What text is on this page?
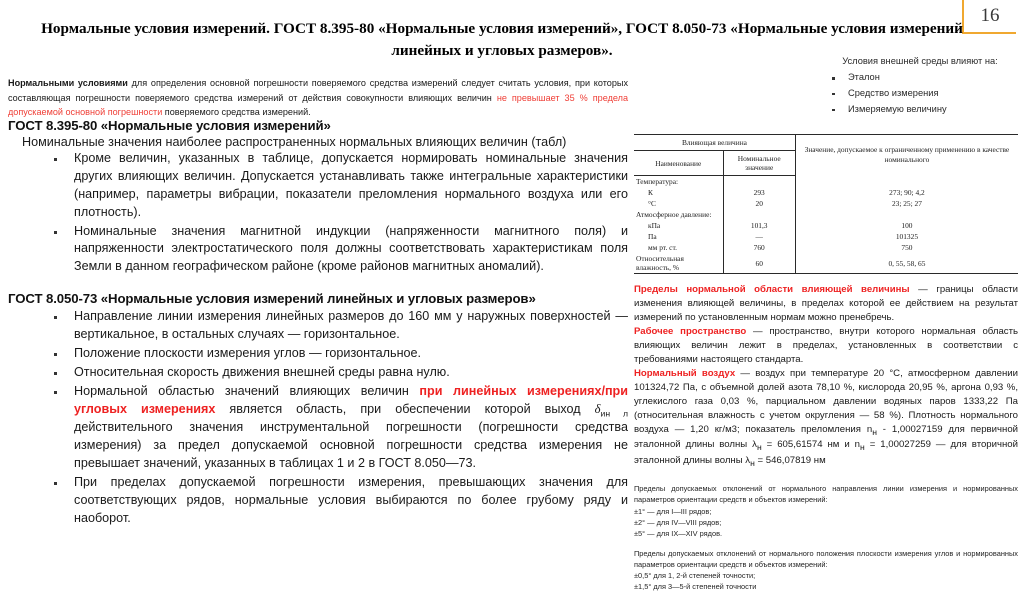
16
Нормальные условия измерений. ГОСТ 8.395-80 «Нормальные условия измерений», ГОСТ 8.050-73 «Нормальные условия измерений линейных и угловых размеров».
Нормальными условиями для определения основной погрешности поверяемого средства измерений следует считать условия, при которых составляющая погрешности поверяемого средства измерений от действия совокупности влияющих величин не превышает 35 % предела допускаемой основной погрешности поверяемого средства измерений.
Условия внешней среды влияют на:
Эталон
Средство измерения
Измеряемую величину
ГОСТ 8.395-80 «Нормальные условия измерений»
Номинальные значения наиболее распространенных нормальных влияющих величин (табл)
Кроме величин, указанных в таблице, допускается нормировать номинальные значения других влияющих величин. Допускается устанавливать также интегральные характеристики (например, параметры вибрации, показатели преломления нормального воздуха или его плотность).
Номинальные значения магнитной индукции (напряженности магнитного поля) и напряженности электростатического поля должны соответствовать характеристикам поля Земли в данном географическом районе (кроме районов магнитных аномалий).
ГОСТ 8.050-73 «Нормальные условия измерений линейных и угловых размеров»
Направление линии измерения линейных размеров до 160 мм у наружных поверхностей — вертикальное, в остальных случаях — горизонтальное.
Положение плоскости измерения углов — горизонтальное.
Относительная скорость движения внешней среды равна нулю.
Нормальной областью значений влияющих величин при линейных измерениях/при угловых измерениях является область, при обеспечении которой выход $\delta_{ин л}$ действительного значения инструментальной погрешности (погрешности средства измерения) за предел допускаемой основной погрешности средства измерения не превышает значений, указанных в таблицах 1 и 2 в ГОСТ 8.050—73.
При пределах допускаемой погрешности измерения, превышающих значения для соответствующих рядов, нормальные условия выбираются по более грубому ряду и наоборот.
Влияющая величина		Значение, допускаемое к ограниченному применению в качестве номинального
Наименование	Номинальное значение	
Температура:		
К	293	273; 90; 4,2
°C	20	23; 25; 27
Атмосферное давление:		
кПа	101,3	100
Па	—	101325
мм рт. ст.	760	750
Относительная влажность, %	60	0, 55, 58, 65

Пределы нормальной области влияющей величины — границы области изменения влияющей величины, в пределах которой ее действием на результат измерений по установленным нормам можно пренебречь.

Рабочее пространство — пространство, внутри которого нормальная область влияющих величин лежит в пределах, установленных в соответствии с требованиями настоящего стандарта.

Нормальный воздух — воздух при температуре 20 °С, атмосферном давлении 101324,72 Па, с объемной долей азота 78,10 %, кислорода 20,95 %, аргона 0,93 %, углекислого газа 0,03 %, парциальном давлении водяных паров 1333,22 Па (относительная влажность с учетом округления — 58 %). Плотность нормального воздуха — 1,20 кг/м3; показатель преломления nн - 1,00027159 для первичной эталонной длины волны λн = 605,61574 нм и nн = 1,00027259 — для вторичной эталонной длины волны λн = 546,07819 нм

Пределы допускаемых отклонений от нормального направления линии измерения и нормированных параметров ориентации средств и объектов измерений:

±1° — для I—III рядов;

±2° — для IV—VIII рядов;

±5° — для IX—XIV рядов.

Пределы допускаемых отклонений от нормального положения плоскости измерения углов и нормированных параметров ориентации средств и объектов измерений:

±0,5° для 1, 2-й степеней точности;

±1,5° для 3—5-й степеней точности
